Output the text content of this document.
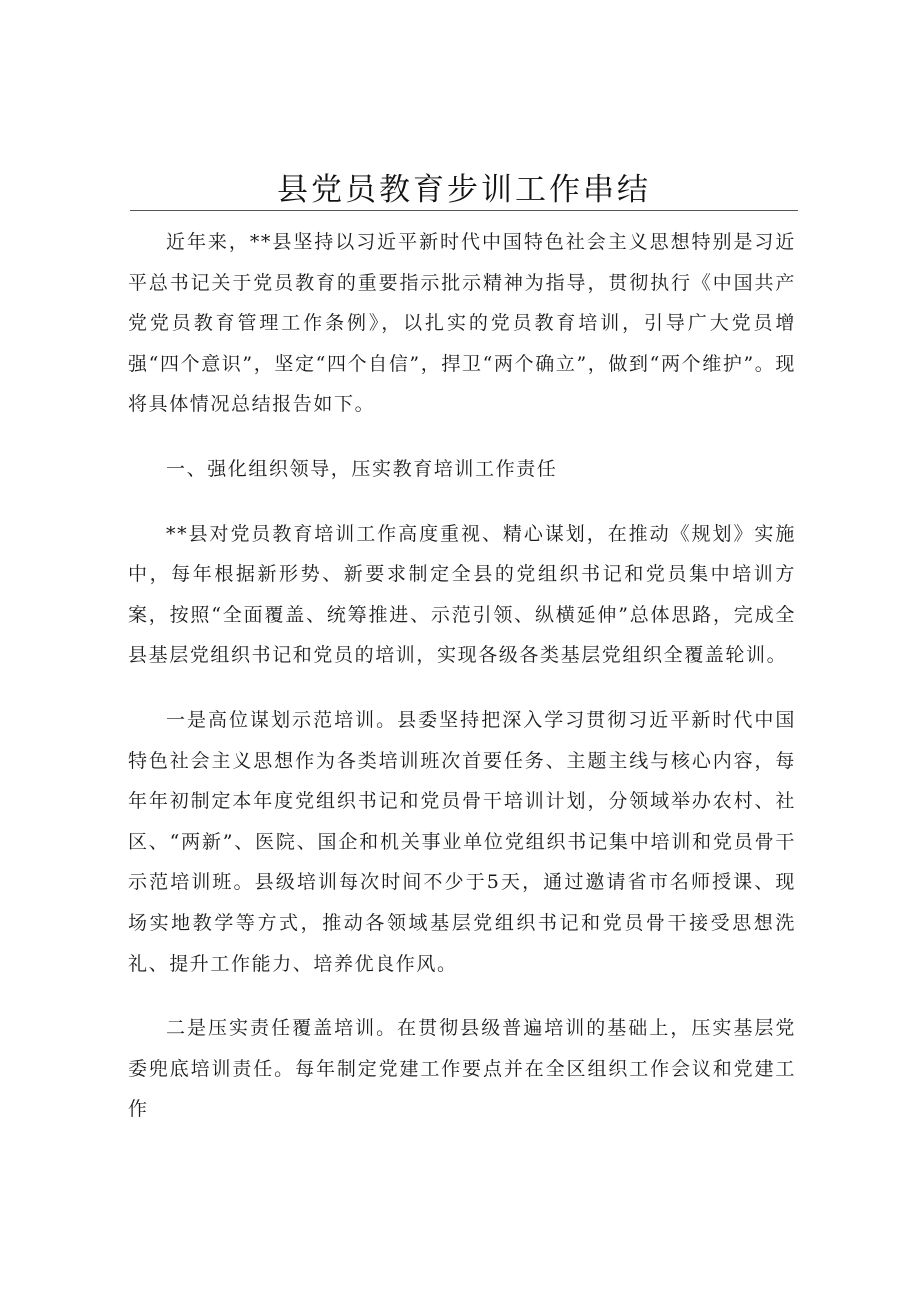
县党员教育步训工作串结

近年来，**县坚持以习近平新时代中国特色社会主义思想特别是习近平总书记关于党员教育的重要指示批示精神为指导，贯彻执行《中国共产党党员教育管理工作条例》，以扎实的党员教育培训，引导广大党员增强“四个意识”，坚定“四个自信”，捍卫“两个确立”，做到“两个维护”。现将具体情况总结报告如下。

一、强化组织领导，压实教育培训工作责任

**县对党员教育培训工作高度重视、精心谋划，在推动《规划》实施中，每年根据新形势、新要求制定全县的党组织书记和党员集中培训方案，按照“全面覆盖、统筹推进、示范引领、纵横延伸”总体思路，完成全县基层党组织书记和党员的培训，实现各级各类基层党组织全覆盖轮训。

一是高位谋划示范培训。县委坚持把深入学习贯彻习近平新时代中国特色社会主义思想作为各类培训班次首要任务、主题主线与核心内容，每年年初制定本年度党组织书记和党员骨干培训计划，分领域举办农村、社区、“两新”、医院、国企和机关事业单位党组织书记集中培训和党员骨干示范培训班。县级培训每次时间不少于5天，通过邀请省市名师授课、现场实地教学等方式，推动各领域基层党组织书记和党员骨干接受思想洗礼、提升工作能力、培养优良作风。

二是压实责任覆盖培训。在贯彻县级普遍培训的基础上，压实基层党委兜底培训责任。每年制定党建工作要点并在全区组织工作会议和党建工作
